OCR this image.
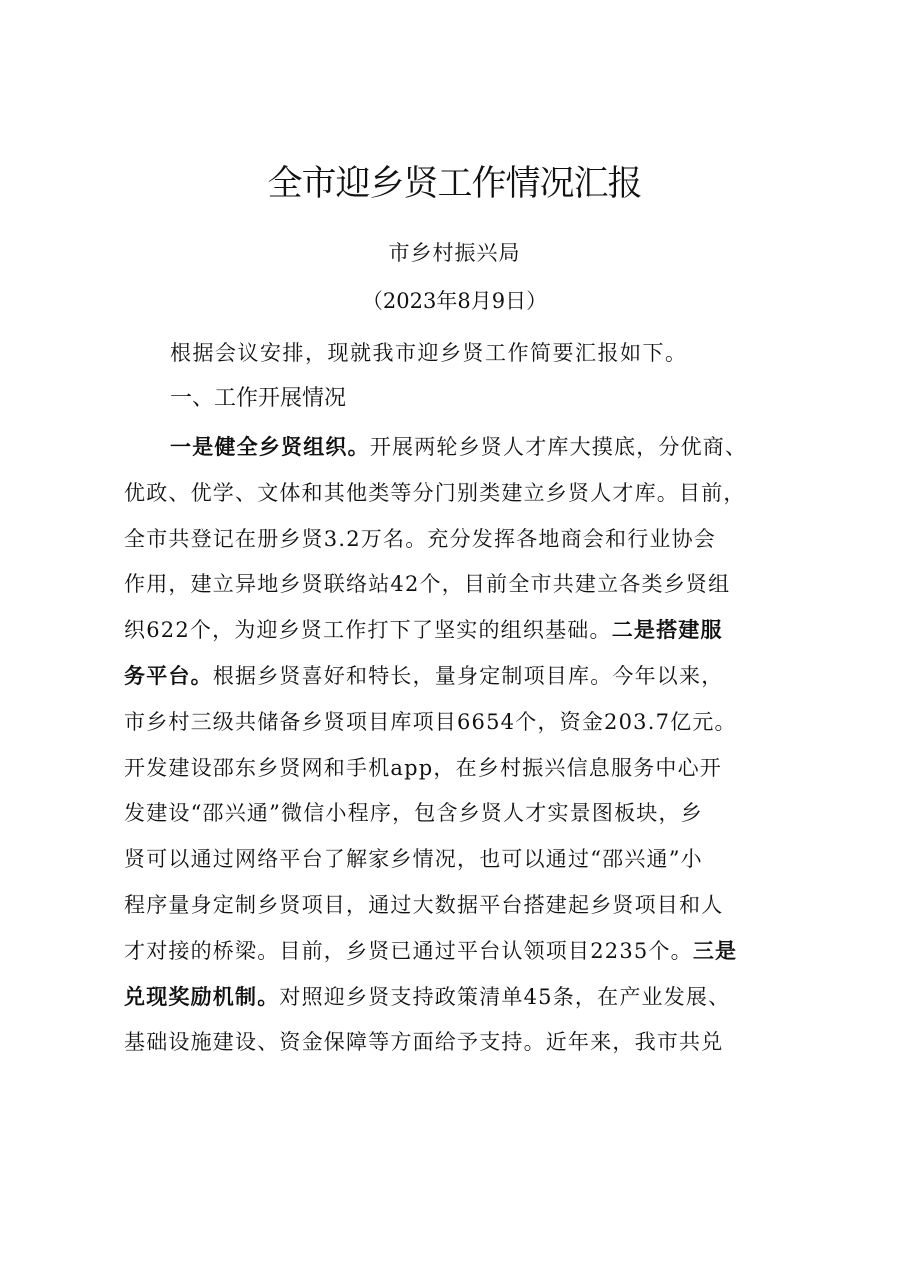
全市迎乡贤工作情况汇报
市乡村振兴局
（2023年8月9日）
根据会议安排，现就我市迎乡贤工作简要汇报如下。
一、工作开展情况
一是健全乡贤组织。开展两轮乡贤人才库大摸底，分优商、
优政、优学、文体和其他类等分门别类建立乡贤人才库。目前，
全市共登记在册乡贤3.2万名。充分发挥各地商会和行业协会
作用，建立异地乡贤联络站42个，目前全市共建立各类乡贤组
织622个，为迎乡贤工作打下了坚实的组织基础。二是搭建服
务平台。根据乡贤喜好和特长，量身定制项目库。今年以来，
市乡村三级共储备乡贤项目库项目6654个，资金203.7亿元。
开发建设邵东乡贤网和手机app，在乡村振兴信息服务中心开
发建设“邵兴通”微信小程序，包含乡贤人才实景图板块，乡
贤可以通过网络平台了解家乡情况，也可以通过“邵兴通”小
程序量身定制乡贤项目，通过大数据平台搭建起乡贤项目和人
才对接的桥梁。目前，乡贤已通过平台认领项目2235个。三是
兑现奖励机制。对照迎乡贤支持政策清单45条，在产业发展、
基础设施建设、资金保障等方面给予支持。近年来，我市共兑
